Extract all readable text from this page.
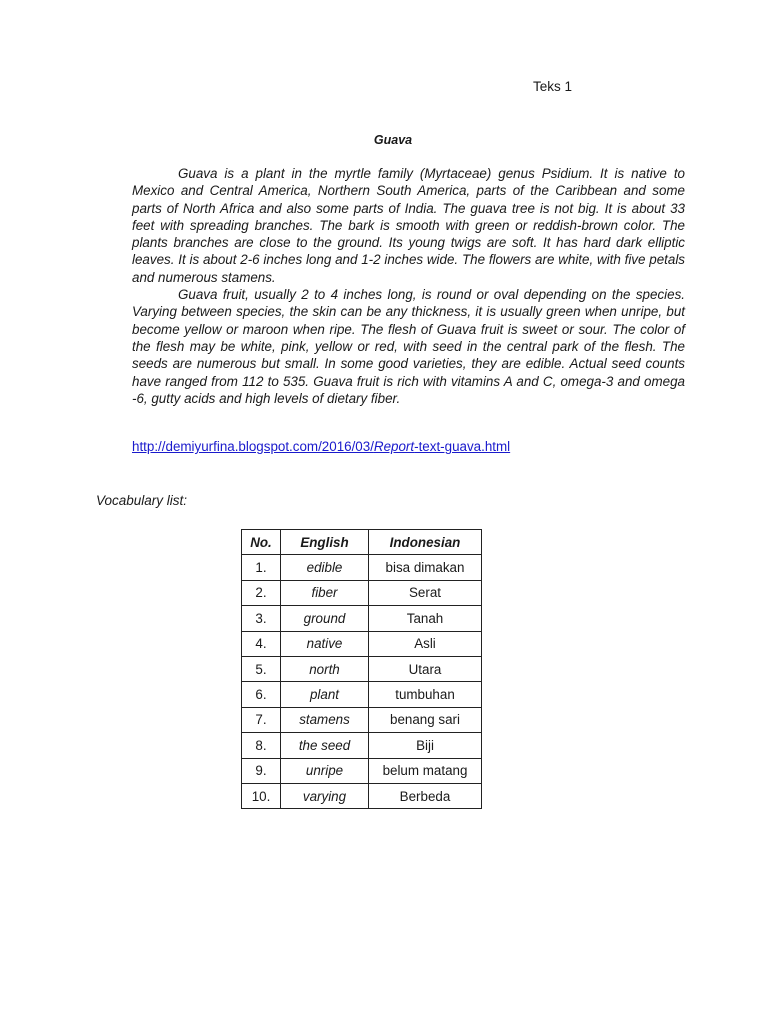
Teks 1
Guava

Guava is a plant in the myrtle family (Myrtaceae) genus Psidium. It is native to Mexico and Central America, Northern South America, parts of the Caribbean and some parts of North Africa and also some parts of India. The guava tree is not big. It is about 33 feet with spreading branches. The bark is smooth with green or reddish-brown color. The plants branches are close to the ground. Its young twigs are soft. It has hard dark elliptic leaves. It is about 2-6 inches long and 1-2 inches wide. The flowers are white, with five petals and numerous stamens.

Guava fruit, usually 2 to 4 inches long, is round or oval depending on the species. Varying between species, the skin can be any thickness, it is usually green when unripe, but become yellow or maroon when ripe. The flesh of Guava fruit is sweet or sour. The color of the flesh may be white, pink, yellow or red, with seed in the central park of the flesh. The seeds are numerous but small. In some good varieties, they are edible. Actual seed counts have ranged from 112 to 535. Guava fruit is rich with vitamins A and C, omega-3 and omega -6, gutty acids and high levels of dietary fiber.

http://demiyurfina.blogspot.com/2016/03/Report-text-guava.html
Vocabulary list:
No.	English	Indonesian
1.	edible	bisa dimakan
2.	fiber	Serat
3.	ground	Tanah
4.	native	Asli
5.	north	Utara
6.	plant	tumbuhan
7.	stamens	benang sari
8.	the seed	Biji
9.	unripe	belum matang
10.	varying	Berbeda
